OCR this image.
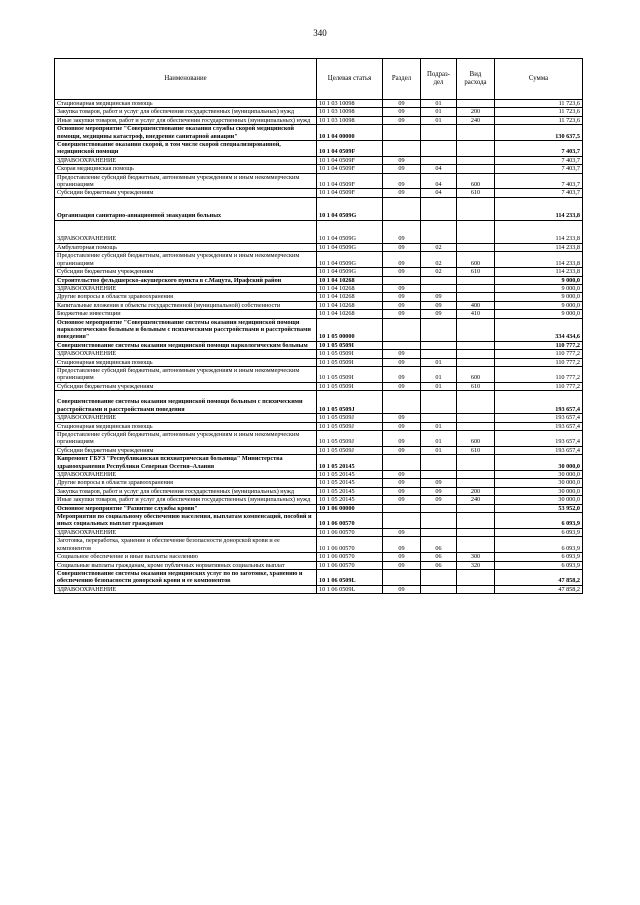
340
Наименование	Целевая статья	Раздел	Подраз-дел	Вид расхода	Сумма
Стационарная медицинская помощь	10 1 03 10098	09	01		11 723,6
Закупка товаров, работ и услуг для обеспечения государственных (муниципальных) нужд	10 1 03 10098	09	01	200	11 723,6
Иные закупки товаров, работ и услуг для обеспечения государственных (муниципальных) нужд	10 1 03 10098	09	01	240	11 723,6
Основное мероприятие "Совершенствование оказания службы скорой медицинской помощи, медицины катастроф, внедрение санитарной авиации"	10 1 04 00000				130 637,5
Совершенствование оказания скорой, в том числе скорой специализированной, медицинской помощи	10 1 04 0509F				7 403,7
ЗДРАВООХРАНЕНИЕ	10 1 04 0509F	09			7 403,7
Скорая медицинская помощь	10 1 04 0509F	09	04		7 403,7
Предоставление субсидий бюджетным, автономным учреждениям и иным некоммерческим организациям	10 1 04 0509F	09	04	600	7 403,7
Субсидии бюджетным учреждениям	10 1 04 0509F	09	04	610	7 403,7
Организация санитарно-авиационной эвакуации больных	10 1 04 0509G				114 233,8
ЗДРАВООХРАНЕНИЕ	10 1 04 0509G	09			114 233,8
Амбулаторная помощь	10 1 04 0509G	09	02		114 233,8
Предоставление субсидий бюджетным, автономным учреждениям и иным некоммерческим организациям	10 1 04 0509G	09	02	600	114 233,8
Субсидии бюджетным учреждениям	10 1 04 0509G	09	02	610	114 233,8
Строительство фельдшерско-акушерского пункта в с.Мацута, Ирафский район	10 1 04 10268				9 000,0
ЗДРАВООХРАНЕНИЕ	10 1 04 10268	09			9 000,0
Другие вопросы в области здравоохранения	10 1 04 10268	09	09		9 000,0
Капитальные вложения в объекты государственной (муниципальной) собственности	10 1 04 10268	09	09	400	9 000,0
Бюджетные инвестиции	10 1 04 10268	09	09	410	9 000,0
Основное мероприятие "Совершенствование системы оказания медицинской помощи наркологическим больным и больным с психическими расстройствами и расстройствами поведения"	10 1 05 00000				334 434,6
Совершенствование системы оказания медицинской помощи наркологическим больным	10 1 05 0509I				110 777,2
ЗДРАВООХРАНЕНИЕ	10 1 05 0509I	09			110 777,2
Стационарная медицинская помощь	10 1 05 0509I	09	01		110 777,2
Предоставление субсидий бюджетным, автономным учреждениям и иным некоммерческим организациям	10 1 05 0509I	09	01	600	110 777,2
Субсидии бюджетным учреждениям	10 1 05 0509I	09	01	610	110 777,2
Совершенствование системы оказания медицинской помощи больным с психическими расстройствами и расстройствами поведения	10 1 05 0509J				193 657,4
ЗДРАВООХРАНЕНИЕ	10 1 05 0509J	09			193 657,4
Стационарная медицинская помощь	10 1 05 0509J	09	01		193 657,4
Предоставление субсидий бюджетным, автономным учреждениям и иным некоммерческим организациям	10 1 05 0509J	09	01	600	193 657,4
Субсидии бюджетным учреждениям	10 1 05 0509J	09	01	610	193 657,4
Капремонт ГБУЗ "Республиканская психиатрическая больница" Министерства здравоохранения Республики Северная Осетия–Алания	10 1 05 20145				30 000,0
ЗДРАВООХРАНЕНИЕ	10 1 05 20145	09			30 000,0
Другие вопросы в области здравоохранения	10 1 05 20145	09	09		30 000,0
Закупка товаров, работ и услуг для обеспечения государственных (муниципальных) нужд	10 1 05 20145	09	09	200	30 000,0
Иные закупки товаров, работ и услуг для обеспечения государственных (муниципальных) нужд	10 1 05 20145	09	09	240	30 000,0
Основное мероприятие "Развитие службы крови"	10 1 06 00000				53 952,0
Мероприятия по социальному обеспечению населения, выплатам компенсаций, пособий и иных социальных выплат гражданам	10 1 06 00570				6 093,9
ЗДРАВООХРАНЕНИЕ	10 1 06 00570	09			6 093,9
Заготовка, переработка, хранение и обеспечение безопасности донорской крови и ее компонентов	10 1 06 00570	09	06		6 093,9
Социальное обеспечение и иные выплаты населению	10 1 06 00570	09	06	300	6 093,9
Социальные выплаты гражданам, кроме публичных нормативных социальных выплат	10 1 06 00570	09	06	320	6 093,9
Совершенствование системы оказания медицинских услуг по по заготовке, хранению и обеспечению безопасности донорской крови и ее компонентов	10 1 06 0509L				47 858,2
ЗДРАВООХРАНЕНИЕ	10 1 06 0509L	09			47 858,2
